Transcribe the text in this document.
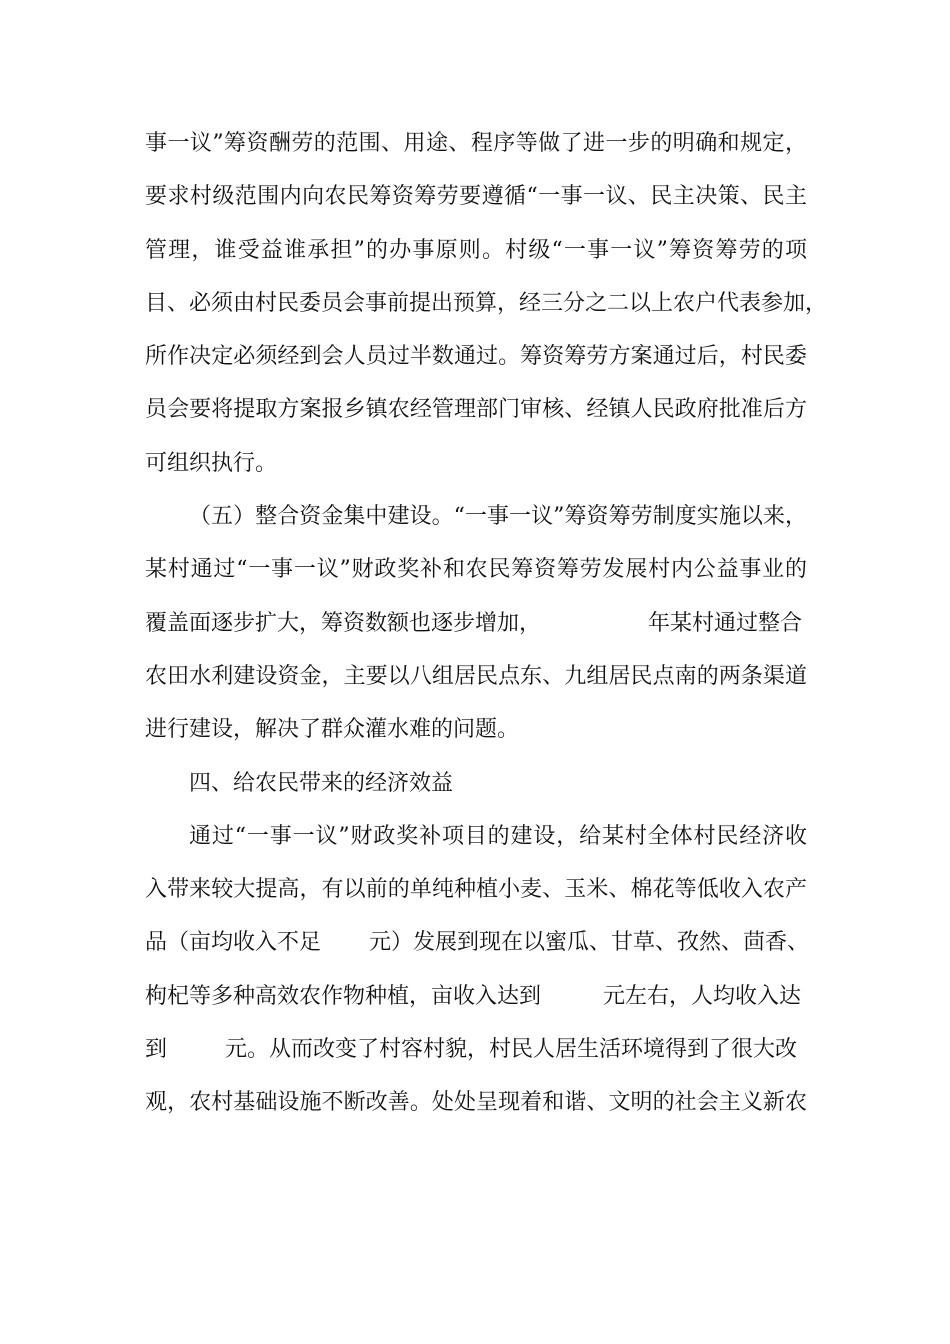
事一议”筹资酬劳的范围、用途、程序等做了进一步的明确和规定，
要求村级范围内向农民筹资筹劳要遵循“一事一议、民主决策、民主
管理，谁受益谁承担”的办事原则。村级“一事一议”筹资筹劳的项
目、必须由村民委员会事前提出预算，经三分之二以上农户代表参加，
所作决定必须经到会人员过半数通过。筹资筹劳方案通过后，村民委
员会要将提取方案报乡镇农经管理部门审核、经镇人民政府批准后方
可组织执行。
（五）整合资金集中建设。“一事一议”筹资筹劳制度实施以来，
某村通过“一事一议”财政奖补和农民筹资筹劳发展村内公益事业的
覆盖面逐步扩大，筹资数额也逐步增加，	年某村通过整合
农田水利建设资金，主要以八组居民点东、九组居民点南的两条渠道
进行建设，解决了群众灌水难的问题。
四、给农民带来的经济效益
通过“一事一议”财政奖补项目的建设，给某村全体村民经济收
入带来较大提高，有以前的单纯种植小麦、玉米、棉花等低收入农产
品（亩均收入不足 元）发展到现在以蜜瓜、甘草、孜然、茴香、
枸杞等多种高效农作物种植，亩收入达到	元左右，人均收入达
到	元。从而改变了村容村貌，村民人居生活环境得到了很大改
观，农村基础设施不断改善。处处呈现着和谐、文明的社会主义新农
